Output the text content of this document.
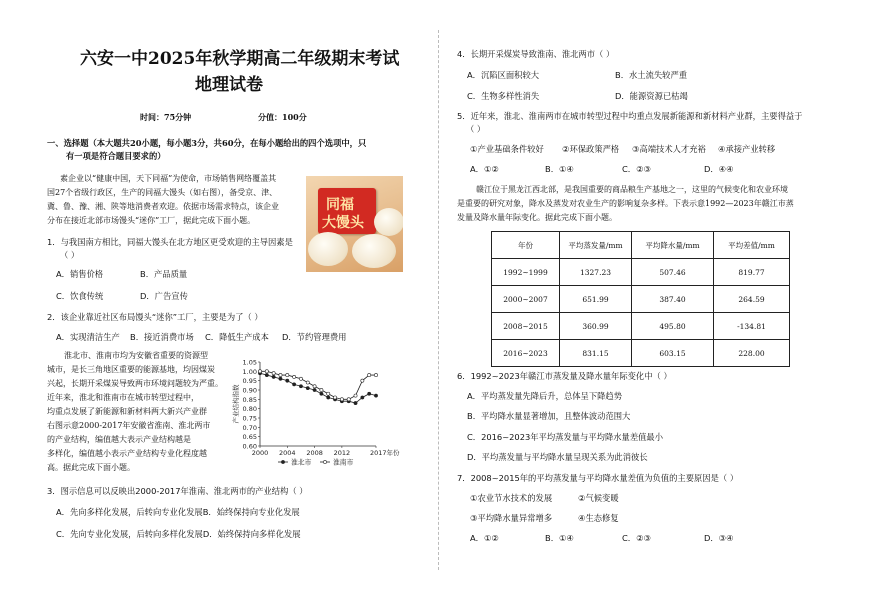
六安一中2025年秋学期高二年级期末考试
地理试卷
时间：75分钟	分值：100分
一、选择题（本大题共20小题，每小题3分，共60分，在每小题给出的四个选项中，只
有一项是符合题目要求的）
素企业以“健康中国，天下同福”为使命，市场销售网络覆盖其
国27个省级行政区，生产的同福大馒头（如右图），备受京、津、
冀、鲁、豫、湘、陕等地消费者欢迎。依据市场需求特点，该企业
分布在接近北部市场馒头“迷你”工厂，据此完成下面小题。
同福
大馒头
1．与我国南方相比，同福大馒头在北方地区更受欢迎的主导因素是
（ ）
A．销售价格	B．产品质量
C．饮食传统	D．广告宣传
2．该企业靠近社区布局馒头“迷你”工厂，主要是为了（ ）
A．实现清洁生产 B．接近消费市场 C．降低生产成本 D．节约管理费用
淮北市、淮南市均为安徽省重要的资源型
城市，是长三角地区重要的能源基地，均因煤炭
兴起，长期开采煤炭导致两市环境问题较为严重。
近年来，淮北和淮南市在城市转型过程中，
均重点发展了新能源和新材料两大新兴产业群
右图示意2000-2017年安徽省淮南、淮北两市
的产业结构，编值越大表示产业结构越是
多样化，编值越小表示产业结构专业化程度越
高。据此完成下面小题。
1.05
1.00
0.95
0.90
0.85
0.80
0.75
0.70
0.65
0.60
2000 2004 2008 2012	2017年份
产业结构指数
淮北市	淮南市
3．图示信息可以反映出2000-2017年淮南、淮北两市的产业结构（ ）
A．先向多样化发展，后转向专业化发展B．始终保持向专业化发展
C．先向专业化发展，后转向多样化发展D．始终保持向多样化发展
4．长期开采煤炭导致淮南、淮北两市（ ）
A．沉陷区面积较大	B．水土流失较严重
C．生物多样性消失	D．能源资源已枯竭
5．近年来，淮北、淮南两市在城市转型过程中均重点发展新能源和新材料产业群，主要得益于
（ ）
①产业基础条件较好 ②环保政策严格 ③高端技术人才充裕 ④承接产业转移
A．①②	B．①④	C．②③	D．④④
赣江位于黑龙江西北部，是我国重要的商品粮生产基地之一，这里的气候变化和农业环境
是重要的研究对象，降水及蒸发对农业生产的影响复杂多样。下表示意1992—2023年赣江市蒸
发量及降水量年际变化。据此完成下面小题。
年份	平均蒸发量/mm	平均降水量/mm	平均差值/mm
1992~1999	1327.23	507.46	819.77
2000~2007	651.99	387.40	264.59
2008~2015	360.99	495.80	-134.81
2016~2023	831.15	603.15	228.00
6．1992~2023年赣江市蒸发量及降水量年际变化中（ ）
A．平均蒸发量先降后升，总体呈下降趋势
B．平均降水量显著增加，且整体波动范围大
C．2016~2023年平均蒸发量与平均降水量差值最小
D．平均蒸发量与平均降水量呈现关系为此消彼长
7．2008~2015年的平均蒸发量与平均降水量差值为负值的主要原因是（ ）
①农业节水技术的发展	②气候变暖
③平均降水量异常增多	④生态修复
A．①②	B．①④	C．②③	D．③④
